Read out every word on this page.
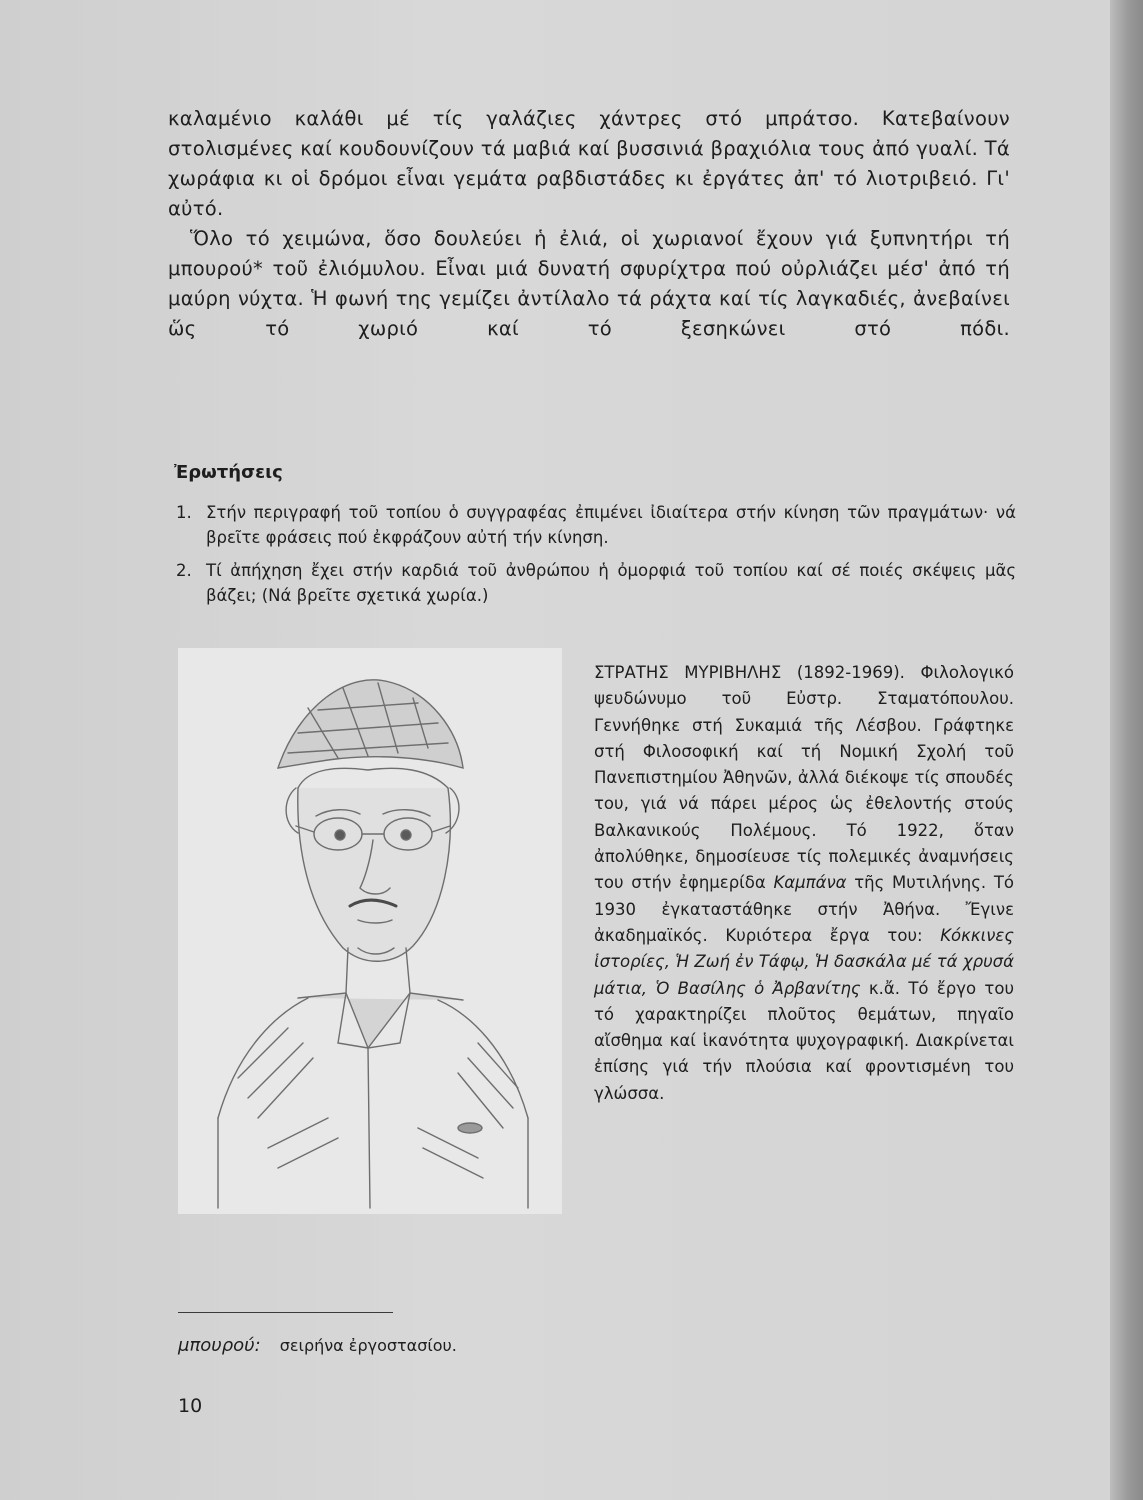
καλαμένιο καλάθι μέ τίς γαλάζιες χάντρες στό μπράτσο. Κατεβαίνουν στολισμένες καί κουδουνίζουν τά μαβιά καί βυσσινιά βραχιόλια τους ἀπό γυαλί. Τά χωράφια κι οἱ δρόμοι εἶναι γεμάτα ραβδιστάδες κι ἐργάτες ἀπ' τό λιοτριβειό. Γι' αὐτό.

Ὅλο τό χειμώνα, ὅσο δουλεύει ἡ ἐλιά, οἱ χωριανοί ἔχουν γιά ξυπνητήρι τή μπουρού* τοῦ ἐλιόμυλου. Εἶναι μιά δυνατή σφυρίχτρα πού οὐρλιάζει μέσ' ἀπό τή μαύρη νύχτα. Ἡ φωνή της γεμίζει ἀντίλαλο τά ράχτα καί τίς λαγκαδιές, ἀνεβαίνει ὥς τό χωριό καί τό ξεσηκώνει στό πόδι.

Ἐρωτήσεις
1. Στήν περιγραφή τοῦ τοπίου ὁ συγγραφέας ἐπιμένει ἰδιαίτερα στήν κίνηση τῶν πραγμάτων· νά βρεῖτε φράσεις πού ἐκφράζουν αὐτή τήν κίνηση.
2. Τί ἀπήχηση ἔχει στήν καρδιά τοῦ ἀνθρώπου ἡ ὀμορφιά τοῦ τοπίου καί σέ ποιές σκέψεις μᾶς βάζει; (Νά βρεῖτε σχετικά χωρία.)

ΣΤΡΑΤΗΣ ΜΥΡΙΒΗΛΗΣ (1892-1969). Φιλολογικό ψευδώνυμο τοῦ Εὐστρ. Σταματόπουλου. Γεννήθηκε στή Συκαμιά τῆς Λέσβου. Γράφτηκε στή Φιλοσοφική καί τή Νομική Σχολή τοῦ Πανεπιστημίου Ἀθηνῶν, ἀλλά διέκοψε τίς σπουδές του, γιά νά πάρει μέρος ὡς ἐθελοντής στούς Βαλκανικούς Πολέμους. Τό 1922, ὅταν ἀπολύθηκε, δημοσίευσε τίς πολεμικές ἀναμνήσεις του στήν ἐφημερίδα Καμπάνα τῆς Μυτιλήνης. Τό 1930 ἐγκαταστάθηκε στήν Ἀθήνα. Ἔγινε ἀκαδημαϊκός. Κυριότερα ἔργα του: Κόκκινες ἱστορίες, Ἡ Ζωή ἐν Τάφῳ, Ἡ δασκάλα μέ τά χρυσά μάτια, Ὁ Βασίλης ὁ Ἀρβανίτης κ.ἄ. Τό ἔργο του τό χαρακτηρίζει πλοῦτος θεμάτων, πηγαῖο αἴσθημα καί ἱκανότητα ψυχογραφική. Διακρίνεται ἐπίσης γιά τήν πλούσια καί φροντισμένη του γλώσσα.

μπουρού: σειρήνα ἐργοστασίου.

10
